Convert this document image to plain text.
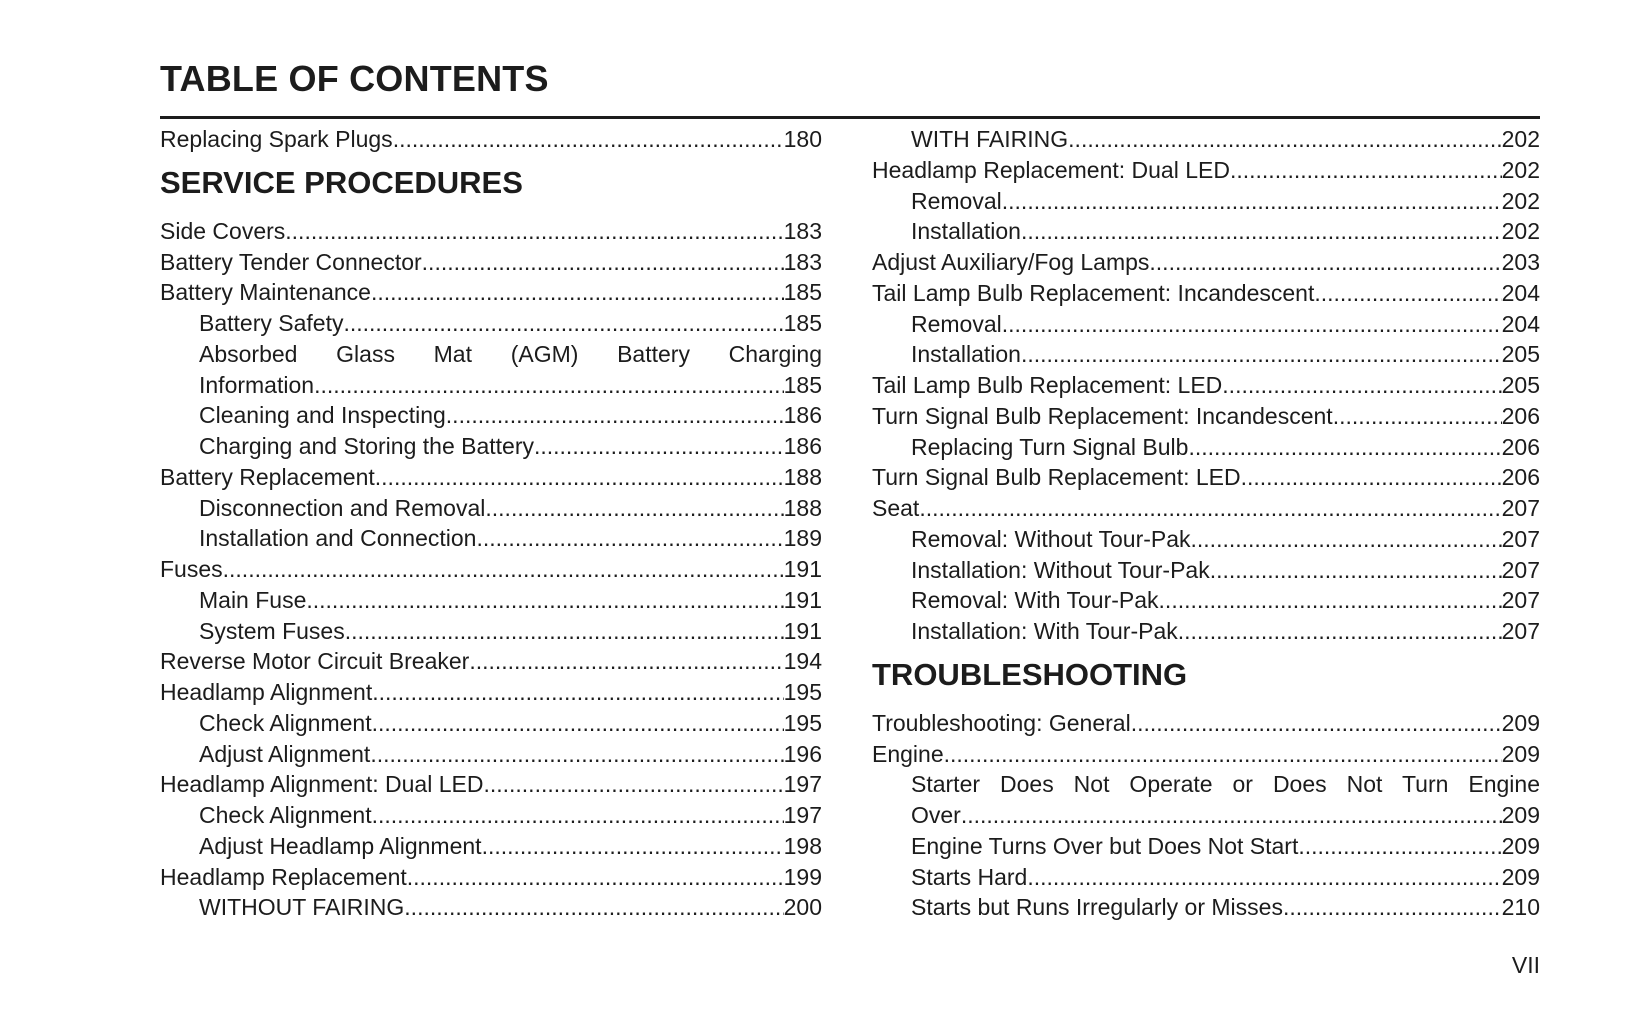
TABLE OF CONTENTS
Replacing Spark Plugs .....	180
SERVICE PROCEDURES
Side Covers .....	183
Battery Tender Connector .....	183
Battery Maintenance .....	185
Battery Safety .....	185
Absorbed Glass Mat (AGM) Battery Charging
Information .....	185
Cleaning and Inspecting .....	186
Charging and Storing the Battery .....	186
Battery Replacement .....	188
Disconnection and Removal .....	188
Installation and Connection .....	189
Fuses .....	191
Main Fuse .....	191
System Fuses .....	191
Reverse Motor Circuit Breaker .....	194
Headlamp Alignment .....	195
Check Alignment .....	195
Adjust Alignment .....	196
Headlamp Alignment: Dual LED .....	197
Check Alignment .....	197
Adjust Headlamp Alignment .....	198
Headlamp Replacement .....	199
WITHOUT FAIRING .....	200
WITH FAIRING .....	202
Headlamp Replacement: Dual LED .....	202
Removal .....	202
Installation .....	202
Adjust Auxiliary/Fog Lamps .....	203
Tail Lamp Bulb Replacement: Incandescent .....	204
Removal .....	204
Installation .....	205
Tail Lamp Bulb Replacement: LED .....	205
Turn Signal Bulb Replacement: Incandescent .....	206
Replacing Turn Signal Bulb .....	206
Turn Signal Bulb Replacement: LED .....	206
Seat .....	207
Removal: Without Tour-Pak .....	207
Installation: Without Tour-Pak .....	207
Removal: With Tour-Pak .....	207
Installation: With Tour-Pak .....	207
TROUBLESHOOTING
Troubleshooting: General .....	209
Engine .....	209
Starter Does Not Operate or Does Not Turn Engine
Over .....	209
Engine Turns Over but Does Not Start .....	209
Starts Hard .....	209
Starts but Runs Irregularly or Misses .....	210
VII
